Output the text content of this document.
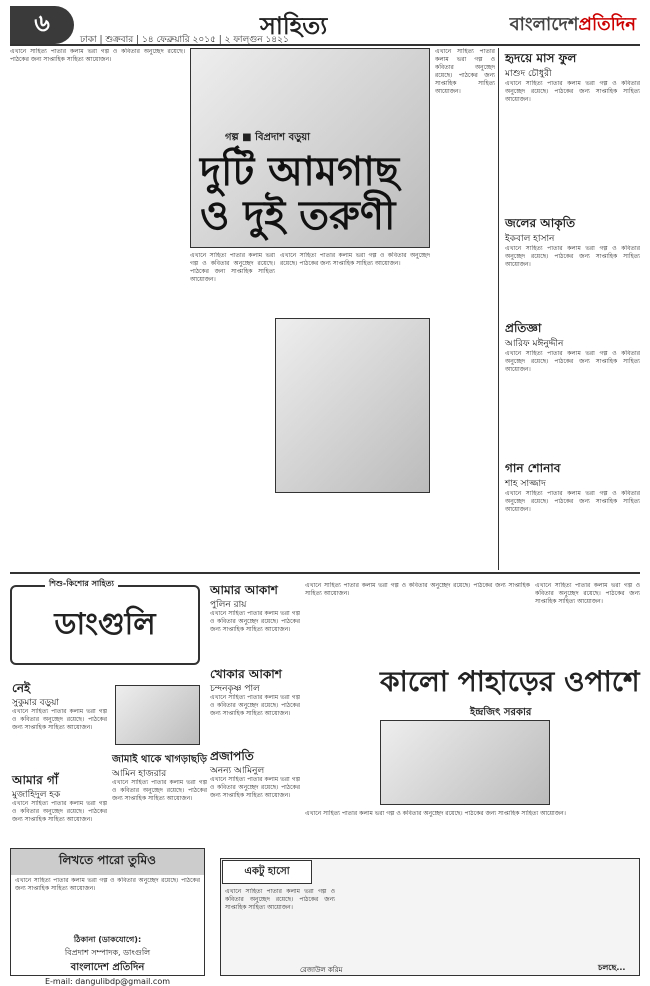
৬	সাহিত্য	বাংলাদেশপ্রতিদিন
ঢাকা | শুক্রবার | ১৪ ফেব্রুয়ারি ২০১৫ | ২ ফাল্গুন ১৪২১
গল্প ■ বিপ্রদাশ বড়ুয়া
দুটি আমগাছ
ও দুই তরুণী
এখানে সাহিত্য পাতার কলাম ভরা গল্প ও কবিতার অনুচ্ছেদ রয়েছে। পাঠকের জন্য সাপ্তাহিক সাহিত্য আয়োজন।
এখানে সাহিত্য পাতার কলাম ভরা গল্প ও কবিতার অনুচ্ছেদ রয়েছে। পাঠকের জন্য সাপ্তাহিক সাহিত্য আয়োজন।
এখানে সাহিত্য পাতার কলাম ভরা গল্প ও কবিতার অনুচ্ছেদ রয়েছে। পাঠকের জন্য সাপ্তাহিক সাহিত্য আয়োজন।
এখানে সাহিত্য পাতার কলাম ভরা গল্প ও কবিতার অনুচ্ছেদ রয়েছে। পাঠকের জন্য সাপ্তাহিক সাহিত্য আয়োজন।
হৃদয়ে মাস ফুল
মাশুদ চৌধুরী
এখানে সাহিত্য পাতার কলাম ভরা গল্প ও কবিতার অনুচ্ছেদ রয়েছে। পাঠকের জন্য সাপ্তাহিক সাহিত্য আয়োজন।
জলের আকৃতি
ইকবাল হাসান
এখানে সাহিত্য পাতার কলাম ভরা গল্প ও কবিতার অনুচ্ছেদ রয়েছে। পাঠকের জন্য সাপ্তাহিক সাহিত্য আয়োজন।
প্রতিজ্ঞা
আরিফ মঈনুদ্দীন
এখানে সাহিত্য পাতার কলাম ভরা গল্প ও কবিতার অনুচ্ছেদ রয়েছে। পাঠকের জন্য সাপ্তাহিক সাহিত্য আয়োজন।
গান শোনাব
শাহ সাজ্জাদ
এখানে সাহিত্য পাতার কলাম ভরা গল্প ও কবিতার অনুচ্ছেদ রয়েছে। পাঠকের জন্য সাপ্তাহিক সাহিত্য আয়োজন।
ডাংগুলি
শিশু-কিশোর সাহিত্য
নেই
সুকুমার বড়ুয়া
এখানে সাহিত্য পাতার কলাম ভরা গল্প ও কবিতার অনুচ্ছেদ রয়েছে। পাঠকের জন্য সাপ্তাহিক সাহিত্য আয়োজন।
আমার গাঁ
মুজাহিদুল হক
এখানে সাহিত্য পাতার কলাম ভরা গল্প ও কবিতার অনুচ্ছেদ রয়েছে। পাঠকের জন্য সাপ্তাহিক সাহিত্য আয়োজন।
আমার আকাশ
পুলিন রায়
এখানে সাহিত্য পাতার কলাম ভরা গল্প ও কবিতার অনুচ্ছেদ রয়েছে। পাঠকের জন্য সাপ্তাহিক সাহিত্য আয়োজন।
খোকার আকাশ
চন্দনকৃষ্ণ পাল
এখানে সাহিত্য পাতার কলাম ভরা গল্প ও কবিতার অনুচ্ছেদ রয়েছে। পাঠকের জন্য সাপ্তাহিক সাহিত্য আয়োজন।
জামাই থাকে খাগড়াছড়ি
আমিন হাজরার
এখানে সাহিত্য পাতার কলাম ভরা গল্প ও কবিতার অনুচ্ছেদ রয়েছে। পাঠকের জন্য সাপ্তাহিক সাহিত্য আয়োজন।
প্রজাপতি
অনন্য আমিনুল
এখানে সাহিত্য পাতার কলাম ভরা গল্প ও কবিতার অনুচ্ছেদ রয়েছে। পাঠকের জন্য সাপ্তাহিক সাহিত্য আয়োজন।
এখানে সাহিত্য পাতার কলাম ভরা গল্প ও কবিতার অনুচ্ছেদ রয়েছে। পাঠকের জন্য সাপ্তাহিক সাহিত্য আয়োজন।
কালো পাহাড়ের ওপাশে
ইন্দ্রজিৎ সরকার
এখানে সাহিত্য পাতার কলাম ভরা গল্প ও কবিতার অনুচ্ছেদ রয়েছে। পাঠকের জন্য সাপ্তাহিক সাহিত্য আয়োজন।
এখানে সাহিত্য পাতার কলাম ভরা গল্প ও কবিতার অনুচ্ছেদ রয়েছে। পাঠকের জন্য সাপ্তাহিক সাহিত্য আয়োজন।
লিখতে পারো তুমিও
এখানে সাহিত্য পাতার কলাম ভরা গল্প ও কবিতার অনুচ্ছেদ রয়েছে। পাঠকের জন্য সাপ্তাহিক সাহিত্য আয়োজন।
ঠিকানা (ডাকযোগে):
বিপ্রদাশ সম্পাদক, ডাংগুলি
বাংলাদেশ প্রতিদিন
E-mail: dangulibdp@gmail.com
একটু হাসো
এখানে সাহিত্য পাতার কলাম ভরা গল্প ও কবিতার অনুচ্ছেদ রয়েছে। পাঠকের জন্য সাপ্তাহিক সাহিত্য আয়োজন।
রেজাউল করিম	চলছে...
